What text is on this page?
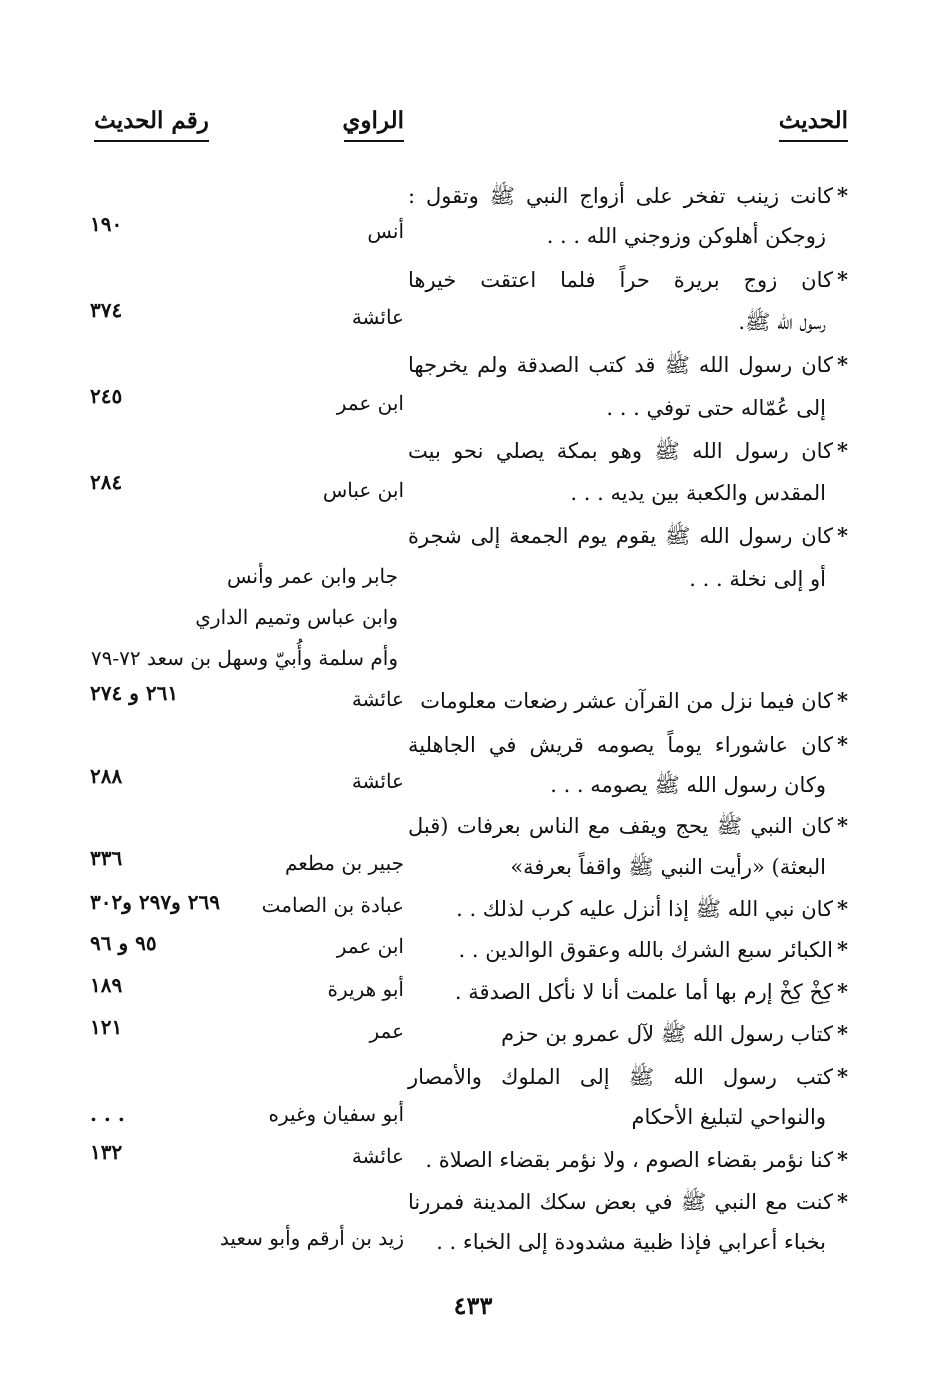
الحديث
الراوي
رقم الحديث
*كانت زينب تفخر على أزواج النبي ﷺ وتقول :
زوجكن أهلوكن وزوجني الله . . .
أنس
١٩٠
*كان زوج بريرة حراً فلما اعتقت خيرها
رسول الله ﷺ.
عائشة
٣٧٤
*كان رسول الله ﷺ قد كتب الصدقة ولم يخرجها
إلى عُمّاله حتى توفي . . .
ابن عمر
٢٤٥
*كان رسول الله ﷺ وهو بمكة يصلي نحو بيت
المقدس والكعبة بين يديه . . .
ابن عباس
٢٨٤
*كان رسول الله ﷺ يقوم يوم الجمعة إلى شجرة
أو إلى نخلة . . .
جابر وابن عمر وأنس
وابن عباس وتميم الداري
وأم سلمة وأُبيّ وسهل بن سعد ٧٢-٧٩
*كان فيما نزل من القرآن عشر رضعات معلومات
عائشة
٢٦١ و ٢٧٤
*كان عاشوراء يوماً يصومه قريش في الجاهلية
وكان رسول الله ﷺ يصومه . . .
عائشة
٢٨٨
*كان النبي ﷺ يحج ويقف مع الناس بعرفات (قبل
البعثة) «رأيت النبي ﷺ واقفاً بعرفة»
جبير بن مطعم
٣٣٦
*كان نبي الله ﷺ إذا أنزل عليه كرب لذلك . .
عبادة بن الصامت
٢٦٩ و٢٩٧ و٣٠٢
*الكبائر سبع الشرك بالله وعقوق الوالدين . .
ابن عمر
٩٥ و ٩٦
*كِخْ كِخْ إرم بها أما علمت أنا لا نأكل الصدقة .
أبو هريرة
١٨٩
*كتاب رسول الله ﷺ لآل عمرو بن حزم
عمر
١٢١
*كتب رسول الله ﷺ إلى الملوك والأمصار
والنواحي لتبليغ الأحكام
أبو سفيان وغيره
. . .
*كنا نؤمر بقضاء الصوم ، ولا نؤمر بقضاء الصلاة .
عائشة
١٣٢
*كنت مع النبي ﷺ في بعض سكك المدينة فمررنا
بخباء أعرابي فإذا ظبية مشدودة إلى الخباء . .
زيد بن أرقم وأبو سعيد
٤٣٣
